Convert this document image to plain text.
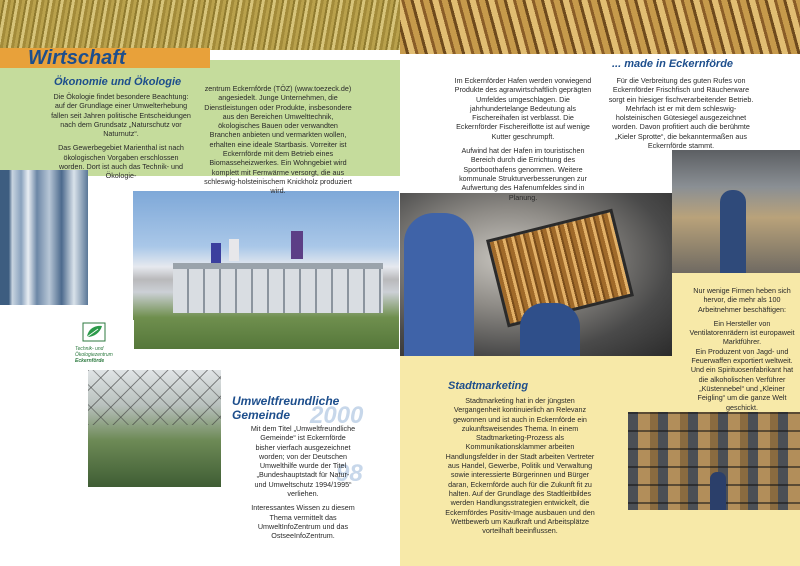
Wirtschaft
Ökonomie und Ökologie

Die Ökologie findet besondere Beachtung: auf der Grundlage einer Umwelterhebung fallen seit Jahren politische Entscheidungen nach dem Grundsatz „Naturschutz vor Naturnutz“.

Das Gewerbegebiet Marienthal ist nach ökologischen Vorgaben erschlossen worden. Dort ist auch das Technik- und Ökologie-

zentrum Eckernförde (TÖZ) (www.toezeck.de) angesiedelt. Junge Unternehmen, die Dienstleistungen oder Produkte, insbesondere aus den Bereichen Umwelttechnik, ökologisches Bauen oder verwandten Branchen anbieten und vermarkten wollen, erhalten eine ideale Startbasis. Vorreiter ist Eckernförde mit dem Betrieb eines Biomasseheizwerkes. Ein Wohngebiet wird komplett mit Fernwärme versorgt, die aus schleswig-holsteinischem Knickholz produziert wird.

Technik- und Ökologiezentrum
Eckernförde
2000
98
Umweltfreundliche
Gemeinde

Mit dem Titel „Umweltfreundliche Gemeinde“ ist Eckernförde bisher vierfach ausgezeichnet worden; von der Deutschen Umwelthilfe wurde der Titel „Bundeshauptstadt für Natur- und Umweltschutz 1994/1995“ verliehen.

Interessantes Wissen zu diesem Thema vermittelt das UmweltInfoZentrum und das OstseeInfoZentrum.

Im Eckernförder Hafen werden vorwiegend Produkte des agrarwirtschaftlich geprägten Umfeldes umgeschlagen. Die jahrhundertelange Bedeutung als Fischereihafen ist verblasst. Die Eckernförder Fischereiflotte ist auf wenige Kutter geschrumpft.

Aufwind hat der Hafen im touristischen Bereich durch die Errichtung des Sportboothafens genommen. Weitere kommunale Strukturverbesserungen zur Aufwertung des Hafenumfeldes sind in Planung.

... made in Eckernförde

Für die Verbreitung des guten Rufes von Eckernförder Frischfisch und Räucherware sorgt ein hiesiger fischverarbeitender Betrieb. Mehrfach ist er mit dem schleswig-holsteinischen Gütesiegel ausgezeichnet worden. Davon profitiert auch die berühmte „Kieler Sprotte“, die bekanntermaßen aus Eckernförde stammt.

Nur wenige Firmen heben sich hervor, die mehr als 100 Arbeitnehmer beschäftigen:

Ein Hersteller von Ventilatorenrädern ist europaweit Marktführer.

Ein Produzent von Jagd- und Feuerwaffen exportiert weltweit.

Und ein Spirituosenfabrikant hat die alkoholischen Verführer „Küstennebel“ und „Kleiner Feigling“ um die ganze Welt geschickt.

Stadtmarketing

Stadtmarketing hat in der jüngsten Vergangenheit kontinuierlich an Relevanz gewonnen und ist auch in Eckernförde ein zukunftsweisendes Thema. In einem Stadtmarketing-Prozess als Kommunikationsklammer arbeiten Handlungsfelder in der Stadt arbeiten Vertreter aus Handel, Gewerbe, Politik und Verwaltung sowie interessierte Bürgerinnen und Bürger daran, Eckernförde auch für die Zukunft fit zu halten. Auf der Grundlage des Stadtleitbildes werden Handlungsstrategien entwickelt, die Eckernfördes Positiv-Image ausbauen und den Wettbewerb um Kaufkraft und Arbeitsplätze vorteilhaft beeinflussen.
